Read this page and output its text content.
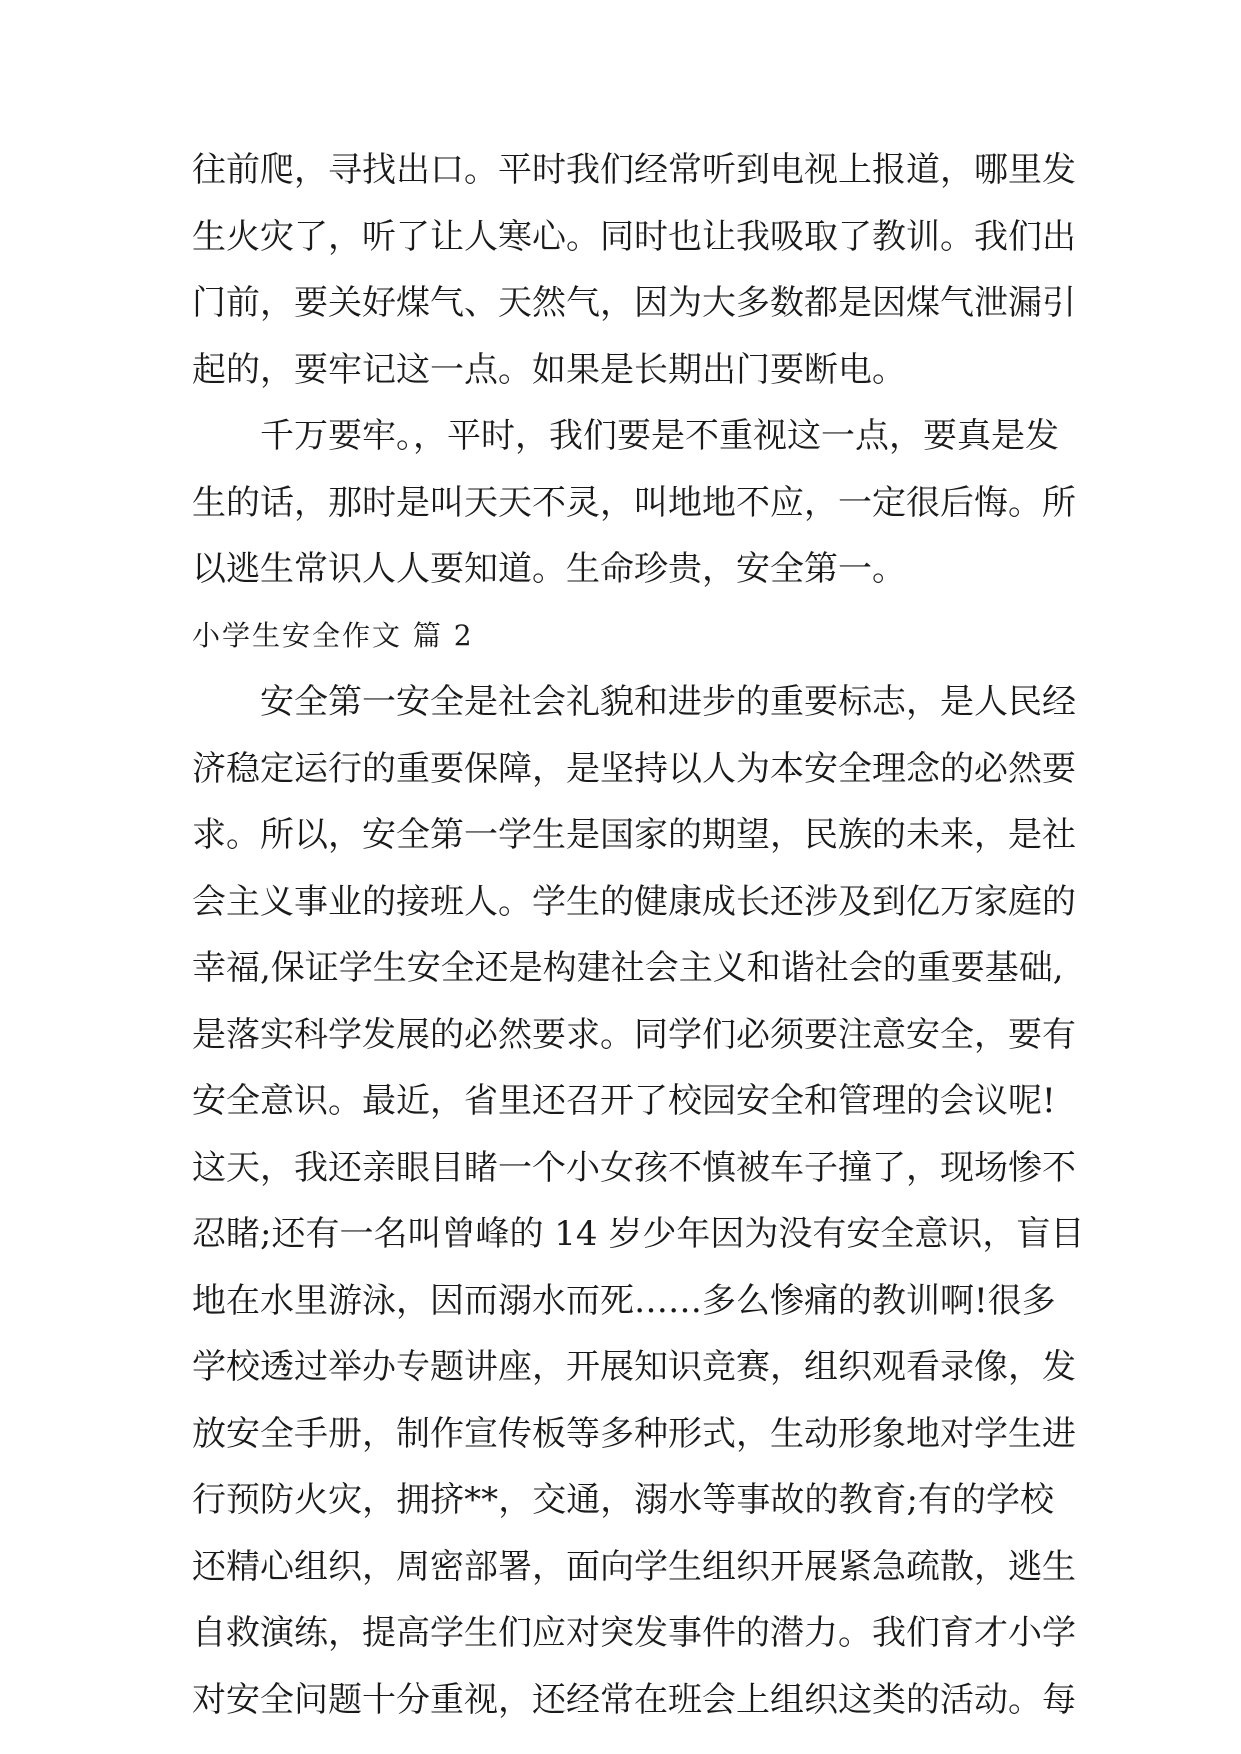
往前爬，寻找出口。平时我们经常听到电视上报道，哪里发
生火灾了，听了让人寒心。同时也让我吸取了教训。我们出
门前，要关好煤气、天然气，因为大多数都是因煤气泄漏引
起的，要牢记这一点。如果是长期出门要断电。
千万要牢。，平时，我们要是不重视这一点，要真是发
生的话，那时是叫天天不灵，叫地地不应，一定很后悔。所
以逃生常识人人要知道。生命珍贵，安全第一。
小学生安全作文 篇 2
安全第一安全是社会礼貌和进步的重要标志，是人民经
济稳定运行的重要保障，是坚持以人为本安全理念的必然要
求。所以，安全第一学生是国家的期望，民族的未来，是社
会主义事业的接班人。学生的健康成长还涉及到亿万家庭的
幸福,保证学生安全还是构建社会主义和谐社会的重要基础,
是落实科学发展的必然要求。同学们必须要注意安全，要有
安全意识。最近，省里还召开了校园安全和管理的会议呢!
这天，我还亲眼目睹一个小女孩不慎被车子撞了，现场惨不
忍睹;还有一名叫曾峰的 14 岁少年因为没有安全意识，盲目
地在水里游泳，因而溺水而死……多么惨痛的教训啊!很多
学校透过举办专题讲座，开展知识竞赛，组织观看录像，发
放安全手册，制作宣传板等多种形式，生动形象地对学生进
行预防火灾，拥挤**，交通，溺水等事故的教育;有的学校
还精心组织，周密部署，面向学生组织开展紧急疏散，逃生
自救演练，提高学生们应对突发事件的潜力。我们育才小学
对安全问题十分重视，还经常在班会上组织这类的活动。每
